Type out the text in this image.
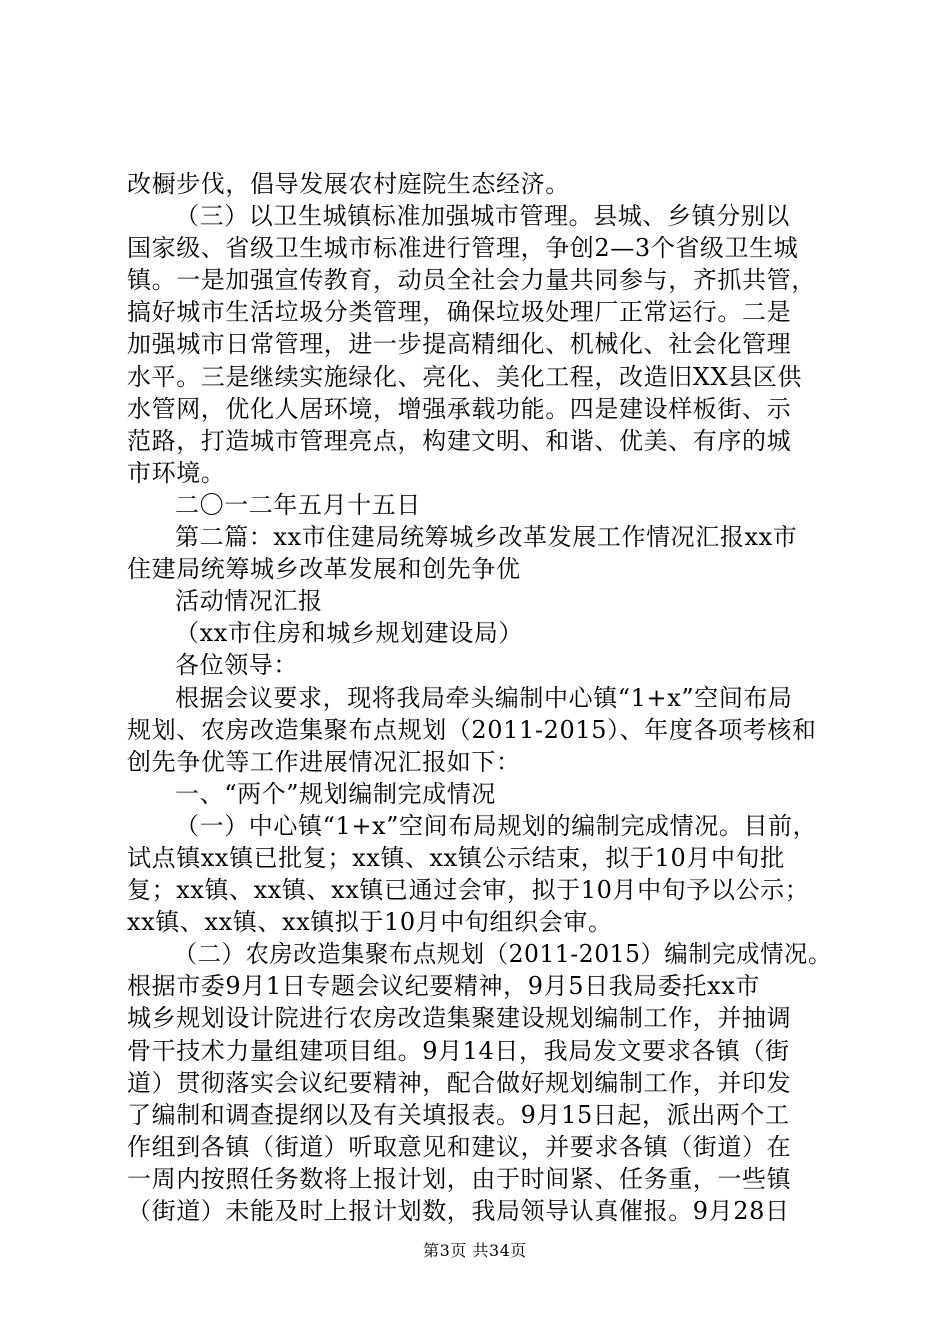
改橱步伐，倡导发展农村庭院生态经济。
（三）以卫生城镇标准加强城市管理。县城、乡镇分别以
国家级、省级卫生城市标准进行管理，争创2—3个省级卫生城
镇。一是加强宣传教育，动员全社会力量共同参与，齐抓共管，
搞好城市生活垃圾分类管理，确保垃圾处理厂正常运行。二是
加强城市日常管理，进一步提高精细化、机械化、社会化管理
水平。三是继续实施绿化、亮化、美化工程，改造旧XX县区供
水管网，优化人居环境，增强承载功能。四是建设样板街、示
范路，打造城市管理亮点，构建文明、和谐、优美、有序的城
市环境。
二〇一二年五月十五日
第二篇：xx市住建局统筹城乡改革发展工作情况汇报xx市
住建局统筹城乡改革发展和创先争优
活动情况汇报
（xx市住房和城乡规划建设局）
各位领导：
根据会议要求，现将我局牵头编制中心镇“1+x”空间布局
规划、农房改造集聚布点规划（2011-2015）、年度各项考核和
创先争优等工作进展情况汇报如下：
一、“两个”规划编制完成情况
（一）中心镇“1+x”空间布局规划的编制完成情况。目前，
试点镇xx镇已批复；xx镇、xx镇公示结束，拟于10月中旬批
复；xx镇、xx镇、xx镇已通过会审，拟于10月中旬予以公示；
xx镇、xx镇、xx镇拟于10月中旬组织会审。
（二）农房改造集聚布点规划（2011-2015）编制完成情况。
根据市委9月1日专题会议纪要精神，9月5日我局委托xx市
城乡规划设计院进行农房改造集聚建设规划编制工作，并抽调
骨干技术力量组建项目组。9月14日，我局发文要求各镇（街
道）贯彻落实会议纪要精神，配合做好规划编制工作，并印发
了编制和调查提纲以及有关填报表。9月15日起，派出两个工
作组到各镇（街道）听取意见和建议，并要求各镇（街道）在
一周内按照任务数将上报计划，由于时间紧、任务重，一些镇
（街道）未能及时上报计划数，我局领导认真催报。9月28日
第3页 共34页
